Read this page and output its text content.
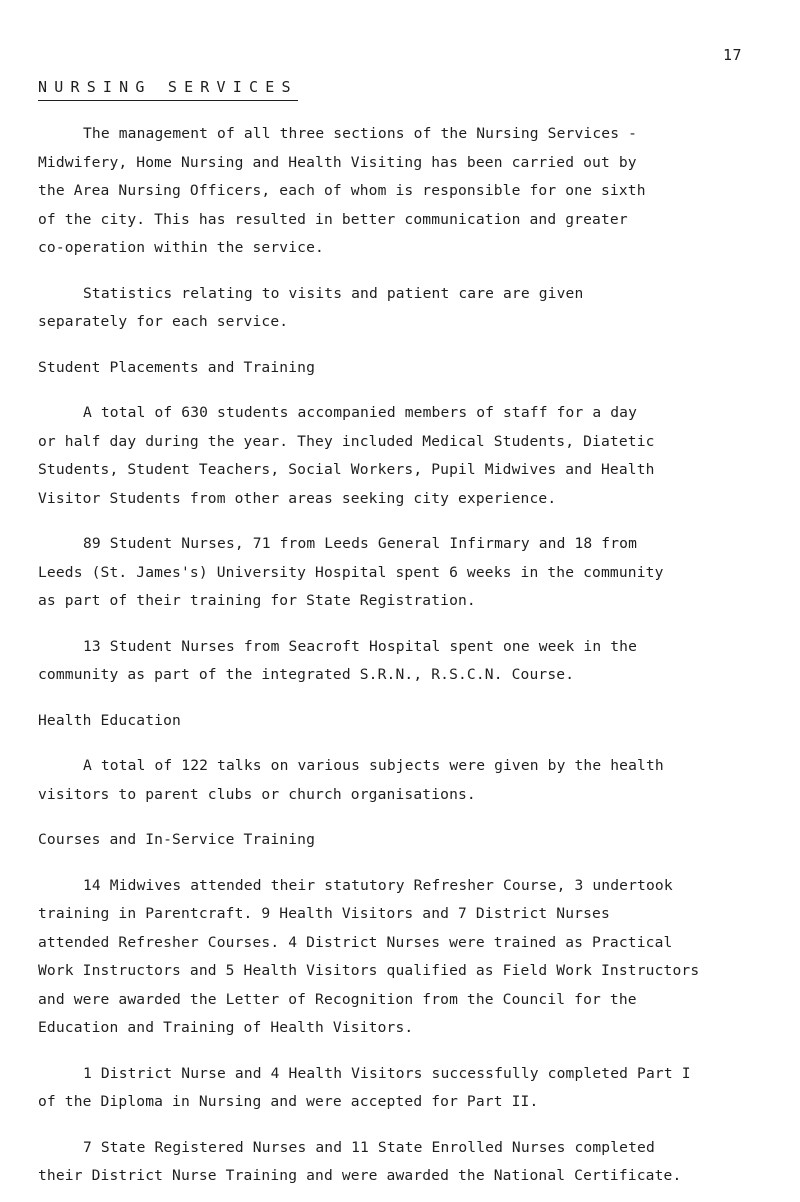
17
NURSING SERVICES

The management of all three sections of the Nursing Services -
Midwifery, Home Nursing and Health Visiting has been carried out by
the Area Nursing Officers, each of whom is responsible for one sixth
of the city. This has resulted in better communication and greater
co-operation within the service.

Statistics relating to visits and patient care are given
separately for each service.

Student Placements and Training

A total of 630 students accompanied members of staff for a day
or half day during the year. They included Medical Students, Diatetic
Students, Student Teachers, Social Workers, Pupil Midwives and Health
Visitor Students from other areas seeking city experience.

89 Student Nurses, 71 from Leeds General Infirmary and 18 from
Leeds (St. James's) University Hospital spent 6 weeks in the community
as part of their training for State Registration.

13 Student Nurses from Seacroft Hospital spent one week in the
community as part of the integrated S.R.N., R.S.C.N. Course.

Health Education

A total of 122 talks on various subjects were given by the health
visitors to parent clubs or church organisations.

Courses and In-Service Training

14 Midwives attended their statutory Refresher Course, 3 undertook
training in Parentcraft. 9 Health Visitors and 7 District Nurses
attended Refresher Courses. 4 District Nurses were trained as Practical
Work Instructors and 5 Health Visitors qualified as Field Work Instructors
and were awarded the Letter of Recognition from the Council for the
Education and Training of Health Visitors.

1 District Nurse and 4 Health Visitors successfully completed Part I
of the Diploma in Nursing and were accepted for Part II.

7 State Registered Nurses and 11 State Enrolled Nurses completed
their District Nurse Training and were awarded the National Certificate.
